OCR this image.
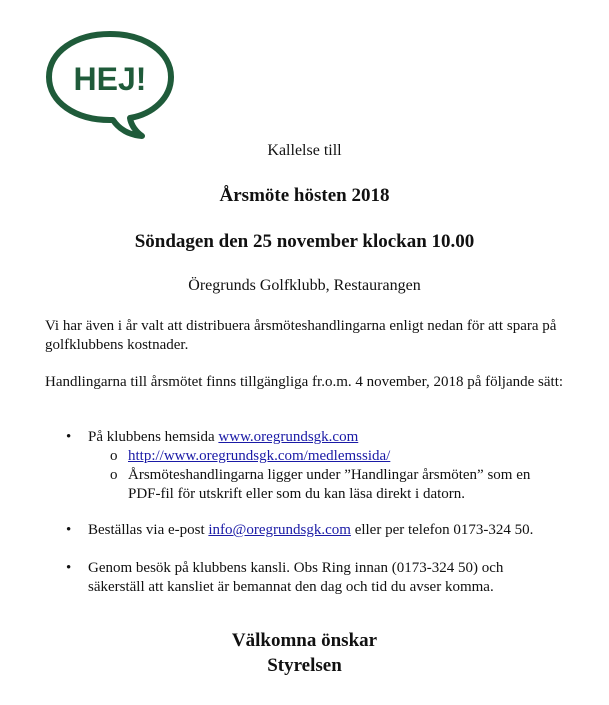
HEJ!
Kallelse till
Årsmöte hösten 2018
Söndagen den 25 november klockan 10.00
Öregrunds Golfklubb, Restaurangen

Vi har även i år valt att distribuera årsmöteshandlingarna enligt nedan för att spara på golfklubbens kostnader.

Handlingarna till årsmötet finns tillgängliga fr.o.m. 4 november, 2018 på följande sätt:

• På klubbens hemsida www.oregrundsgk.com
o http://www.oregrundsgk.com/medlemssida/
o Årsmöteshandlingarna ligger under ”Handlingar årsmöten” som en
PDF-fil för utskrift eller som du kan läsa direkt i datorn.
• Beställas via e-post info@oregrundsgk.com eller per telefon 0173-324 50.
• Genom besök på klubbens kansli. Obs Ring innan (0173-324 50) och
säkerställ att kansliet är bemannat den dag och tid du avser komma.
Välkomna önskar
Styrelsen
